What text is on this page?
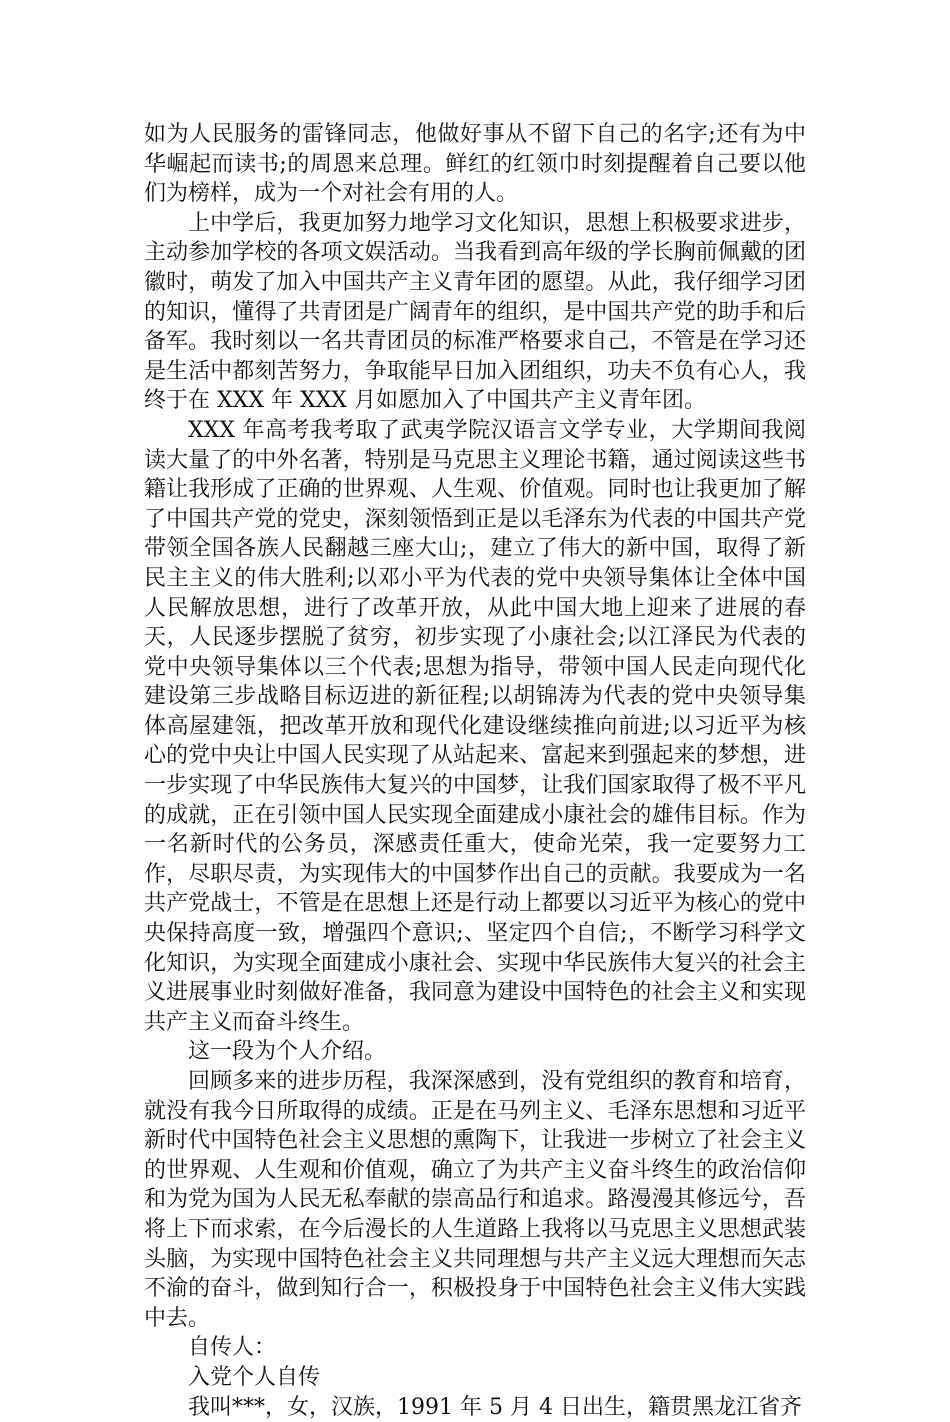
如为人民服务的雷锋同志，他做好事从不留下自己的名字;还有为中华崛起而读书;的周恩来总理。鲜红的红领巾时刻提醒着自己要以他们为榜样，成为一个对社会有用的人。

上中学后，我更加努力地学习文化知识，思想上积极要求进步，主动参加学校的各项文娱活动。当我看到高年级的学长胸前佩戴的团徽时，萌发了加入中国共产主义青年团的愿望。从此，我仔细学习团的知识，懂得了共青团是广阔青年的组织，是中国共产党的助手和后备军。我时刻以一名共青团员的标准严格要求自己，不管是在学习还是生活中都刻苦努力，争取能早日加入团组织，功夫不负有心人，我终于在 XXX 年 XXX 月如愿加入了中国共产主义青年团。

XXX 年高考我考取了武夷学院汉语言文学专业，大学期间我阅读大量了的中外名著，特别是马克思主义理论书籍，通过阅读这些书籍让我形成了正确的世界观、人生观、价值观。同时也让我更加了解了中国共产党的党史，深刻领悟到正是以毛泽东为代表的中国共产党带领全国各族人民翻越三座大山;，建立了伟大的新中国，取得了新民主主义的伟大胜利;以邓小平为代表的党中央领导集体让全体中国人民解放思想，进行了改革开放，从此中国大地上迎来了进展的春天，人民逐步摆脱了贫穷，初步实现了小康社会;以江泽民为代表的党中央领导集体以三个代表;思想为指导，带领中国人民走向现代化建设第三步战略目标迈进的新征程;以胡锦涛为代表的党中央领导集体高屋建瓴，把改革开放和现代化建设继续推向前进;以习近平为核心的党中央让中国人民实现了从站起来、富起来到强起来的梦想，进一步实现了中华民族伟大复兴的中国梦，让我们国家取得了极不平凡的成就，正在引领中国人民实现全面建成小康社会的雄伟目标。作为一名新时代的公务员，深感责任重大，使命光荣，我一定要努力工作，尽职尽责，为实现伟大的中国梦作出自己的贡献。我要成为一名共产党战士，不管是在思想上还是行动上都要以习近平为核心的党中央保持高度一致，增强四个意识;、坚定四个自信;，不断学习科学文化知识，为实现全面建成小康社会、实现中华民族伟大复兴的社会主义进展事业时刻做好准备，我同意为建设中国特色的社会主义和实现共产主义而奋斗终生。

这一段为个人介绍。

回顾多来的进步历程，我深深感到，没有党组织的教育和培育，就没有我今日所取得的成绩。正是在马列主义、毛泽东思想和习近平新时代中国特色社会主义思想的熏陶下，让我进一步树立了社会主义的世界观、人生观和价值观，确立了为共产主义奋斗终生的政治信仰和为党为国为人民无私奉献的崇高品行和追求。路漫漫其修远兮，吾将上下而求索，在今后漫长的人生道路上我将以马克思主义思想武装头脑，为实现中国特色社会主义共同理想与共产主义远大理想而矢志不渝的奋斗，做到知行合一，积极投身于中国特色社会主义伟大实践中去。

自传人：

入党个人自传

我叫***，女，汉族，1991 年 5 月 4 日出生，籍贯黑龙江省齐
